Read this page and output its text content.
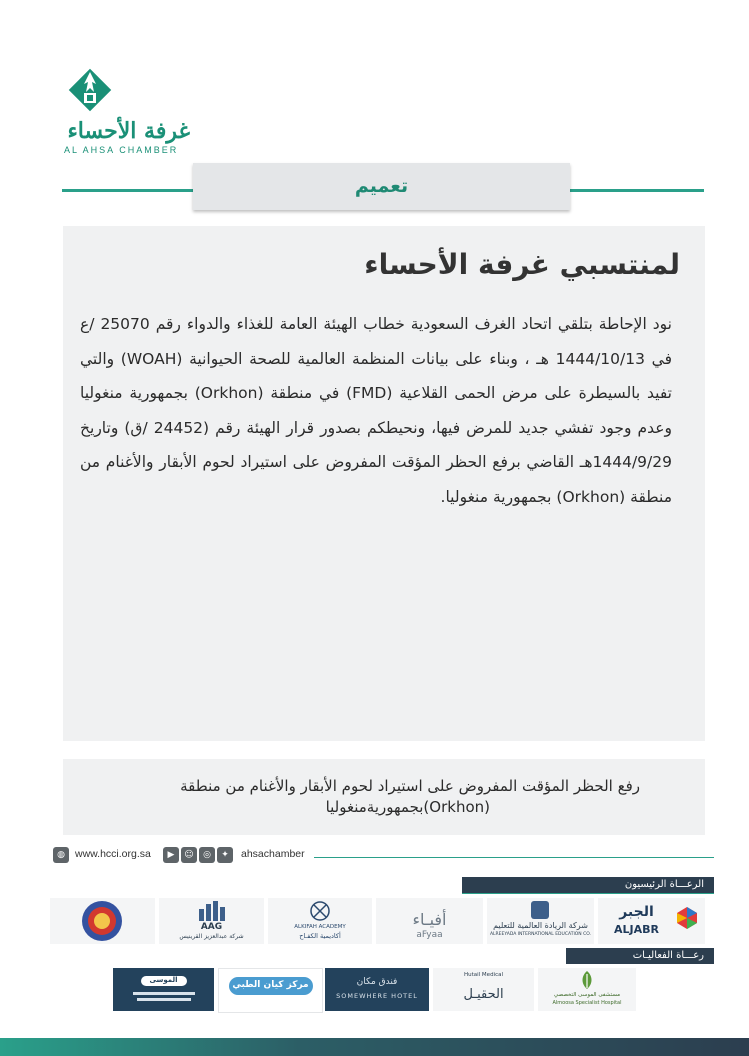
غرفة الأحساء
AL AHSA CHAMBER
تعميم
لمنتسبي غرفة الأحساء
نود الإحاطة بتلقي اتحاد الغرف السعودية خطاب الهيئة العامة للغذاء والدواء رقم 25070 /ع في 1444/10/13 هـ ، وبناء على بيانات المنظمة العالمية للصحة الحيوانية (WOAH) والتي تفيد بالسيطرة على مرض الحمى القلاعية (FMD) في منطقة (Orkhon) بجمهورية منغوليا وعدم وجود تفشي جديد للمرض فيها، ونحيطكم بصدور قرار الهيئة رقم (24452 /ق) وتاريخ 1444/9/29هـ القاضي برفع الحظر المؤقت المفروض على استيراد لحوم الأبقار والأغنام من منطقة (Orkhon) بجمهورية منغوليا.
رفع الحظر المؤقت المفروض على استيراد لحوم الأبقار والأغنام من منطقة
(Orkhon)بجمهوريةمنغوليا
◍ www.hcci.org.sa	▶	☺	◎	✦	ahsachamber
الرعـــاة الرئيسيون
الجبر
ALJABR
شركة الريادة العالمية للتعليم
ALREEYADA INTERNATIONAL EDUCATION CO.
أفيـاء
aFyaa
ALKIFAH ACADEMY
أكاديمية الكفـاح
AAG
شركة عبدالعزيز القرينيس
رعـــاة الفعاليـات
مستشفى الموسى التخصصي
Almoosa Specialist Hospital
Hutail Medical
الحقيـل
فندق مكان
SOMEWHERE HOTEL
مركز كيان الطبي
الموسى
